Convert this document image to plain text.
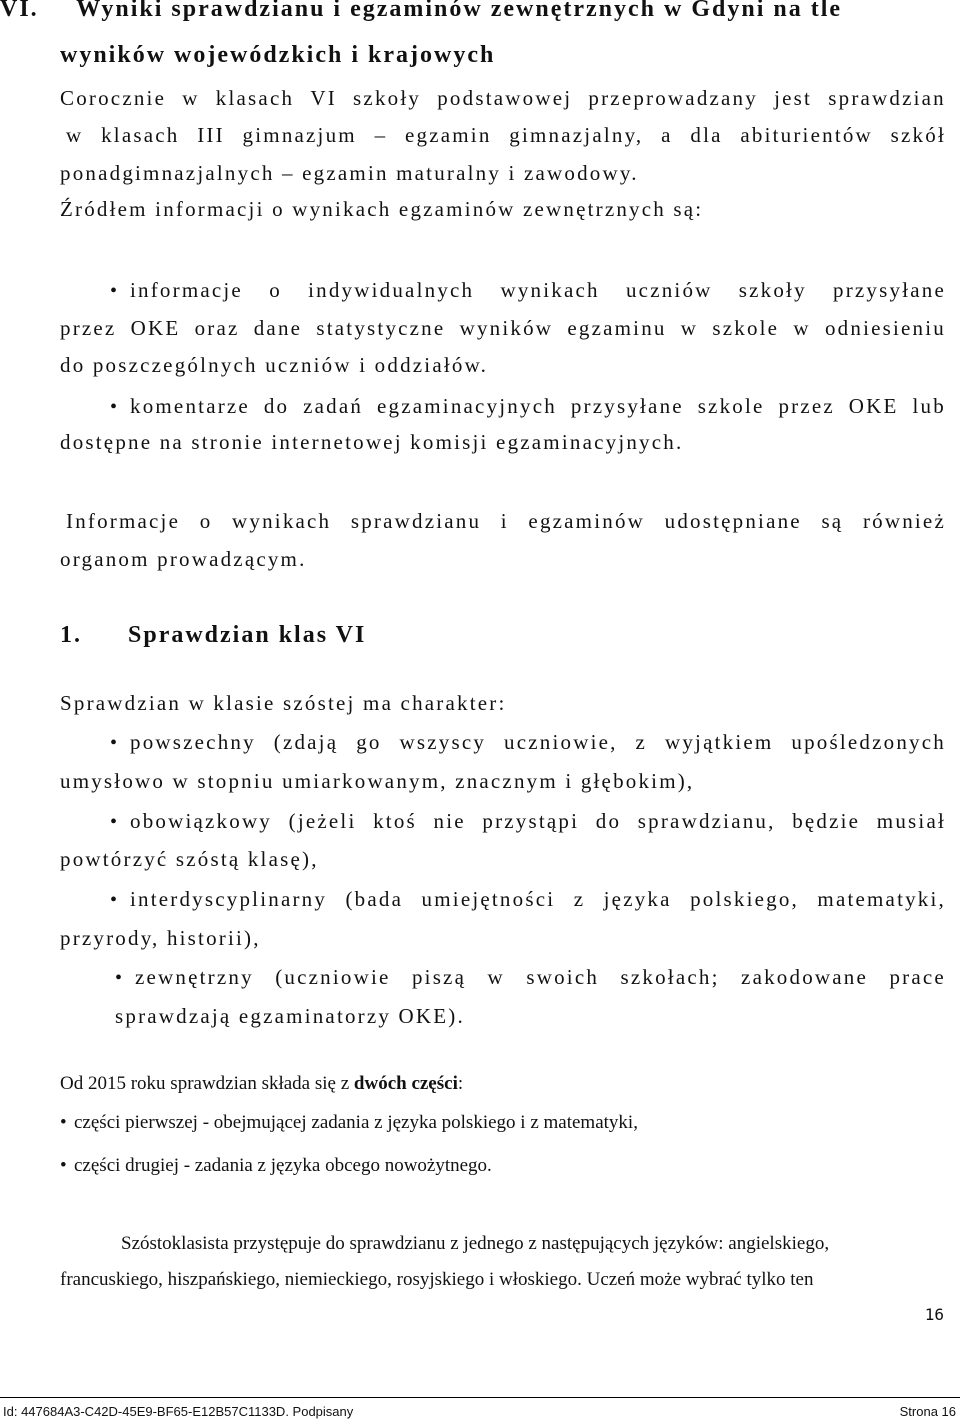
VI. Wyniki sprawdzianu i egzaminów zewnętrznych w Gdyni na tle
wyników wojewódzkich i krajowych
Corocznie w klasach VI szkoły podstawowej przeprowadzany jest sprawdzian
w klasach III gimnazjum – egzamin gimnazjalny, a dla abiturientów szkół
ponadgimnazjalnych – egzamin maturalny i zawodowy.
Źródłem informacji o wynikach egzaminów zewnętrznych są:
• informacje o indywidualnych wynikach uczniów szkoły przysyłane
przez OKE oraz dane statystyczne wyników egzaminu w szkole w odniesieniu
do poszczególnych uczniów i oddziałów.
• komentarze do zadań egzaminacyjnych przysyłane szkole przez OKE lub
dostępne na stronie internetowej komisji egzaminacyjnych.
Informacje o wynikach sprawdzianu i egzaminów udostępniane są również
organom prowadzącym.
1. Sprawdzian klas VI
Sprawdzian w klasie szóstej ma charakter:
• powszechny (zdają go wszyscy uczniowie, z wyjątkiem upośledzonych
umysłowo w stopniu umiarkowanym, znacznym i głębokim),
• obowiązkowy (jeżeli ktoś nie przystąpi do sprawdzianu, będzie musiał
powtórzyć szóstą klasę),
• interdyscyplinarny (bada umiejętności z języka polskiego, matematyki,
przyrody, historii),
• zewnętrzny (uczniowie piszą w swoich szkołach; zakodowane prace
sprawdzają egzaminatorzy OKE).
Od 2015 roku sprawdzian składa się z dwóch części:
• części pierwszej - obejmującej zadania z języka polskiego i z matematyki,
• części drugiej - zadania z języka obcego nowożytnego.
Szóstoklasista przystępuje do sprawdzianu z jednego z następujących języków: angielskiego,
francuskiego, hiszpańskiego, niemieckiego, rosyjskiego i włoskiego. Uczeń może wybrać tylko ten
16
Id: 447684A3-C42D-45E9-BF65-E12B57C1133D. Podpisany	Strona 16
